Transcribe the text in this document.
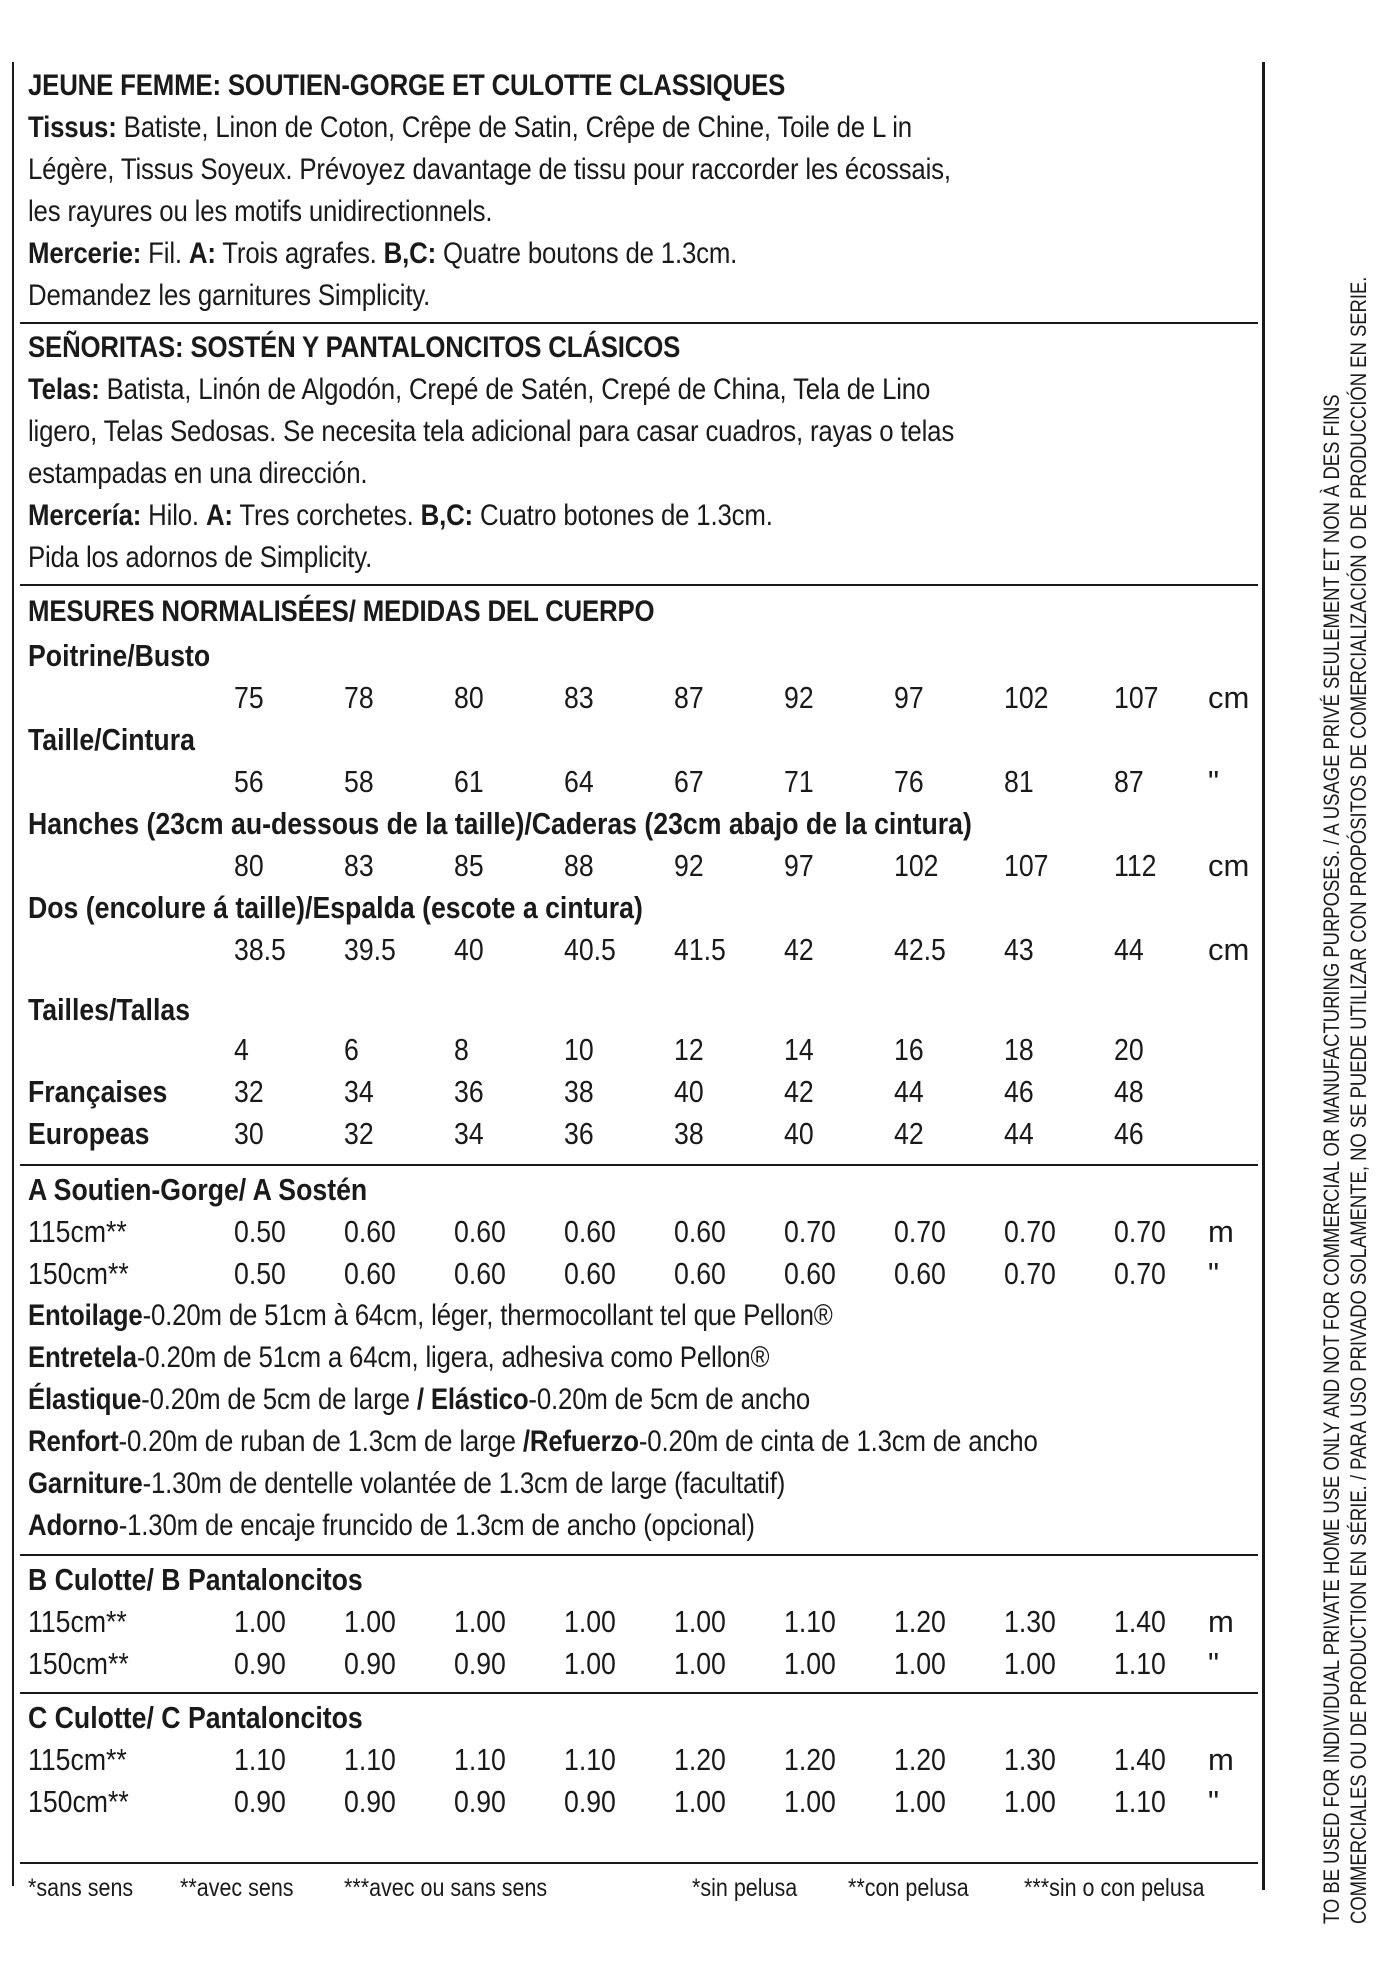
JEUNE FEMME: SOUTIEN-GORGE ET CULOTTE CLASSIQUES
Tissus: Batiste, Linon de Coton, Crêpe de Satin, Crêpe de Chine, Toile de L in
Légère, Tissus Soyeux. Prévoyez davantage de tissu pour raccorder les écossais,
les rayures ou les motifs unidirectionnels.
Mercerie: Fil. A: Trois agrafes. B,C: Quatre boutons de 1.3cm.
Demandez les garnitures Simplicity.
SEÑORITAS: SOSTÉN Y PANTALONCITOS CLÁSICOS
Telas: Batista, Linón de Algodón, Crepé de Satén, Crepé de China, Tela de Lino
ligero, Telas Sedosas. Se necesita tela adicional para casar cuadros, rayas o telas
estampadas en una dirección.
Mercería: Hilo. A: Tres corchetes. B,C: Cuatro botones de 1.3cm.
Pida los adornos de Simplicity.
MESURES NORMALISÉES/ MEDIDAS DEL CUERPO
Poitrine/Busto
75	78	80	83	87	92	97	102 107 cm
Taille/Cintura
56	58	61	64	67	71	76	81	87 "
Hanches (23cm au-dessous de la taille)/Caderas (23cm abajo de la cintura)
80	83	85	88	92	97	102 107 112 cm
Dos (encolure á taille)/Espalda (escote a cintura)
38.5 39.5 40	40.5 41.5 42	42.5 43	44 cm
Tailles/Tallas
4	6	8	10	12	14	16	18	20
Françaises 32	34	36	38	40	42	44	46	48
Europeas	30	32	34	36	38	40	42	44	46
A Soutien-Gorge/ A Sostén
115cm**	0.50 0.60 0.60 0.60 0.60 0.70 0.70 0.70 0.70 m
150cm**	0.50 0.60 0.60 0.60 0.60 0.60 0.60 0.70 0.70 "
Entoilage-0.20m de 51cm à 64cm, léger, thermocollant tel que Pellon®
Entretela-0.20m de 51cm a 64cm, ligera, adhesiva como Pellon®
Élastique-0.20m de 5cm de large / Elástico-0.20m de 5cm de ancho
Renfort-0.20m de ruban de 1.3cm de large /Refuerzo-0.20m de cinta de 1.3cm de ancho
Garniture-1.30m de dentelle volantée de 1.3cm de large (facultatif)
Adorno-1.30m de encaje fruncido de 1.3cm de ancho (opcional)
B Culotte/ B Pantaloncitos
115cm**	1.00 1.00 1.00 1.00 1.00 1.10 1.20 1.30 1.40 m
150cm**	0.90 0.90 0.90 1.00 1.00 1.00 1.00 1.00 1.10 "
C Culotte/ C Pantaloncitos
115cm**	1.10 1.10 1.10 1.10 1.20 1.20 1.20 1.30 1.40 m
150cm**	0.90 0.90 0.90 0.90 1.00 1.00 1.00 1.00 1.10 "
*sans sens **avec sens ***avec ou sans sens	*sin pelusa **con pelusa ***sin o con pelusa	TO BE USED FOR INDIVIDUAL PRIVATE HOME USE ONLY AND NOT FOR COMMERCIAL OR MANUFACTURING PURPOSES. / A USAGE PRIVÉ SEULEMENT ET NON À DES FINS COMMERCIALES OU DE PRODUCTION EN SÉRIE. / PARA USO PRIVADO SOLAMENTE, NO SE PUEDE UTILIZAR CON PROPÓSITOS DE COMERCIALIZACIÓN O DE PRODUCCIÓN EN SERIE.
